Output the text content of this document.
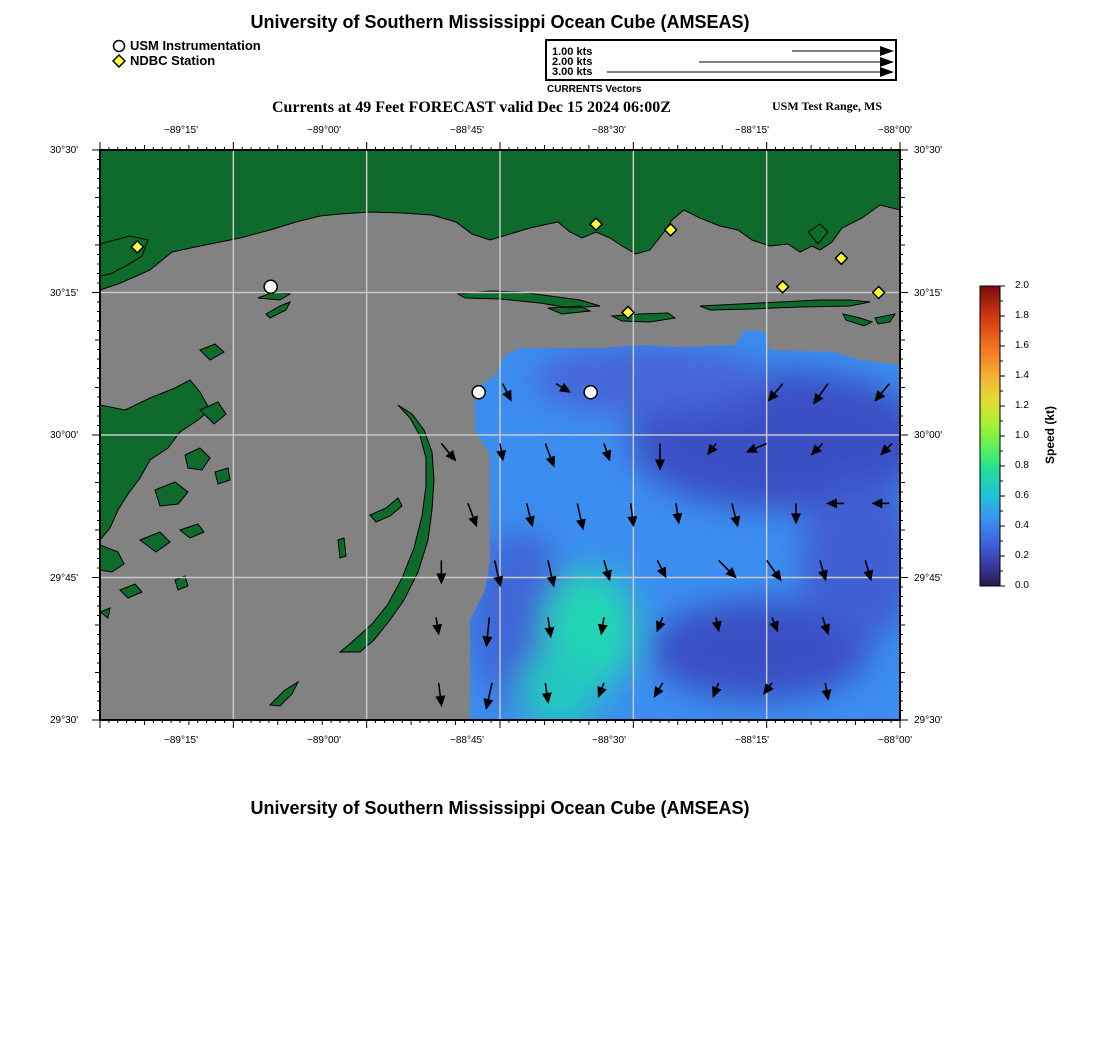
University of Southern Mississippi Ocean Cube (AMSEAS)
USM Instrumentation
NDBC Station
1.00 kts
2.00 kts
3.00 kts
CURRENTS Vectors
Currents at 49 Feet FORECAST valid Dec 15 2024 06:00Z	USM Test Range, MS
−89°15'	−89°00'	−88°45'	−88°30'	−88°15'	−88°00'
−89°15'	−89°00'	−88°45'	−88°30'	−88°15'	−88°00'
30°30'
30°15'
30°00'
29°45'
29°30'
30°30'
30°15'
30°00'
29°45'
29°30'
2.0
1.8
1.6
1.4
1.2
1.0
0.8
0.6
0.4
0.2
0.0
Speed (kt)
University of Southern Mississippi Ocean Cube (AMSEAS)
